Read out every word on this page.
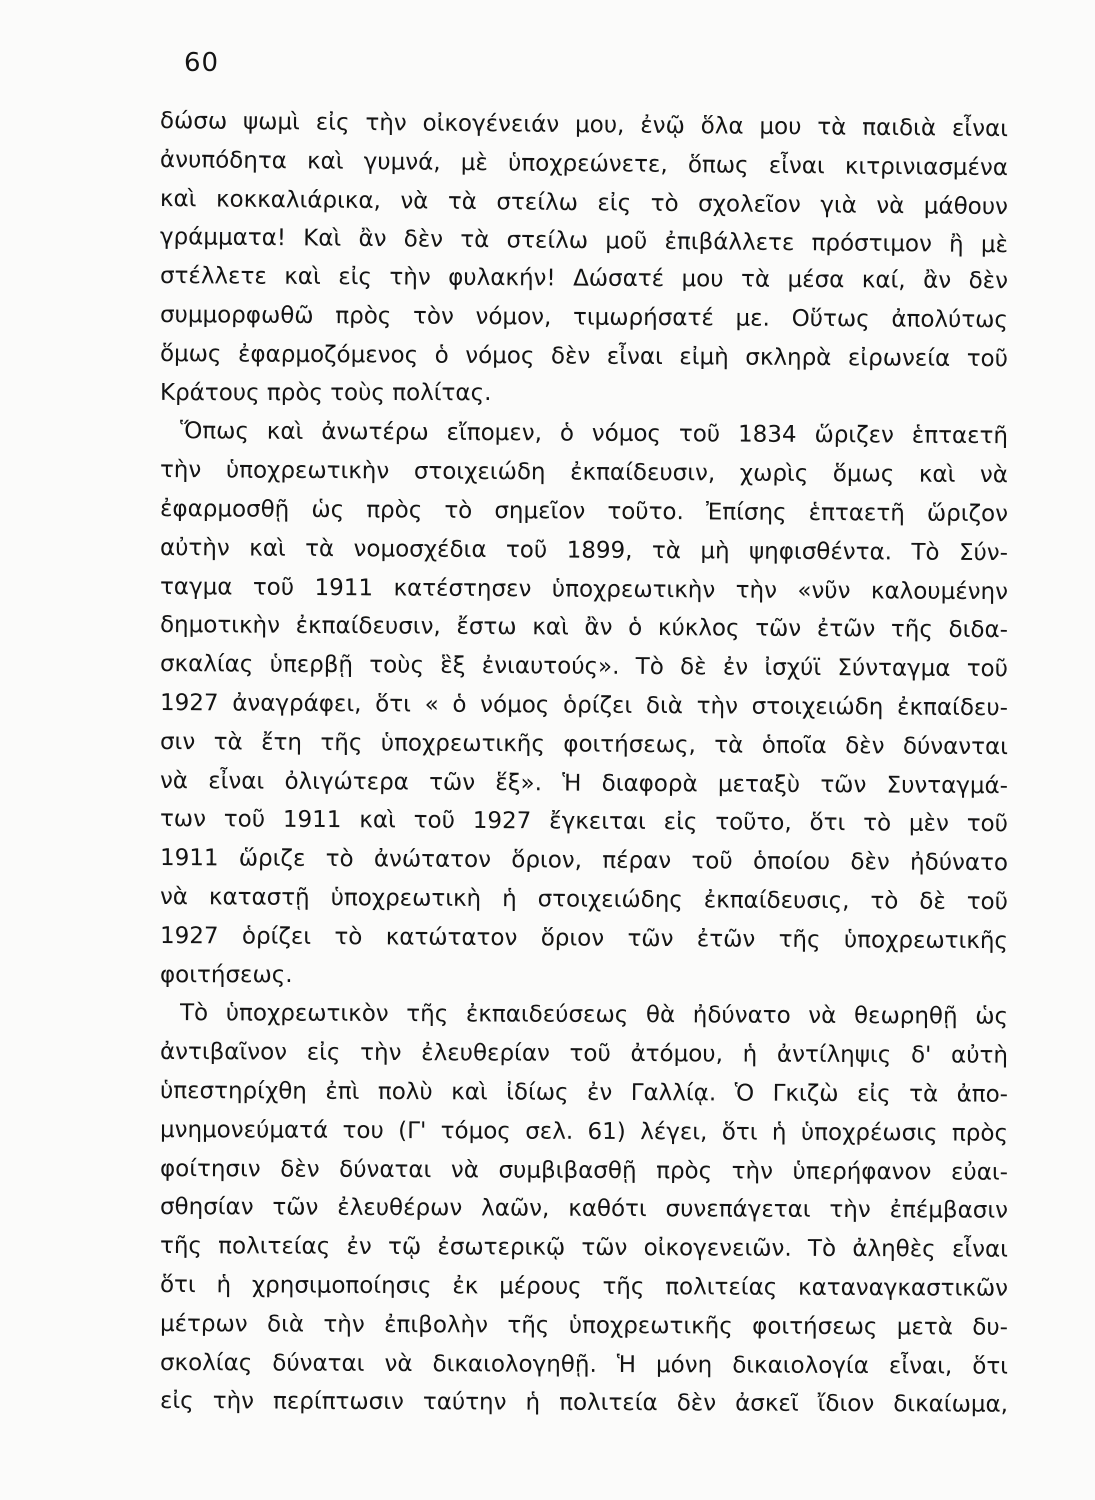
60
δώσω ψωμὶ εἰς τὴν οἰκογένειάν μου, ἐνῷ ὅλα μου τὰ παιδιὰ εἶναι
ἀνυπόδητα καὶ γυμνά, μὲ ὑποχρεώνετε, ὅπως εἶναι κιτρινιασμένα
καὶ κοκκαλιάρικα, νὰ τὰ στείλω εἰς τὸ σχολεῖον γιὰ νὰ μάθουν
γράμματα! Καὶ ἂν δὲν τὰ στείλω μοῦ ἐπιβάλλετε πρόστιμον ἢ μὲ
στέλλετε καὶ εἰς τὴν φυλακήν! Δώσατέ μου τὰ μέσα καί, ἂν δὲν
συμμορφωθῶ πρὸς τὸν νόμον, τιμωρήσατέ με. Οὕτως ἀπολύτως
ὅμως ἐφαρμοζόμενος ὁ νόμος δὲν εἶναι εἰμὴ σκληρὰ εἰρωνεία τοῦ
Κράτους πρὸς τοὺς πολίτας.
Ὅπως καὶ ἀνωτέρω εἴπομεν, ὁ νόμος τοῦ 1834 ὥριζεν ἑπταετῆ
τὴν ὑποχρεωτικὴν στοιχειώδη ἐκπαίδευσιν, χωρὶς ὅμως καὶ νὰ
ἐφαρμοσθῇ ὡς πρὸς τὸ σημεῖον τοῦτο. Ἐπίσης ἑπταετῆ ὥριζον
αὐτὴν καὶ τὰ νομοσχέδια τοῦ 1899, τὰ μὴ ψηφισθέντα. Τὸ Σύν-
ταγμα τοῦ 1911 κατέστησεν ὑποχρεωτικὴν τὴν «νῦν καλουμένην
δημοτικὴν ἐκπαίδευσιν, ἔστω καὶ ἂν ὁ κύκλος τῶν ἐτῶν τῆς διδα-
σκαλίας ὑπερβῇ τοὺς ἓξ ἐνιαυτούς». Τὸ δὲ ἐν ἰσχύϊ Σύνταγμα τοῦ
1927 ἀναγράφει, ὅτι « ὁ νόμος ὁρίζει διὰ τὴν στοιχειώδη ἐκπαίδευ-
σιν τὰ ἔτη τῆς ὑποχρεωτικῆς φοιτήσεως, τὰ ὁποῖα δὲν δύνανται
νὰ εἶναι ὀλιγώτερα τῶν ἕξ». Ἡ διαφορὰ μεταξὺ τῶν Συνταγμά-
των τοῦ 1911 καὶ τοῦ 1927 ἔγκειται εἰς τοῦτο, ὅτι τὸ μὲν τοῦ
1911 ὥριζε τὸ ἀνώτατον ὅριον, πέραν τοῦ ὁποίου δὲν ἠδύνατο
νὰ καταστῇ ὑποχρεωτικὴ ἡ στοιχειώδης ἐκπαίδευσις, τὸ δὲ τοῦ
1927 ὁρίζει τὸ κατώτατον ὅριον τῶν ἐτῶν τῆς ὑποχρεωτικῆς
φοιτήσεως.
Τὸ ὑποχρεωτικὸν τῆς ἐκπαιδεύσεως θὰ ἠδύνατο νὰ θεωρηθῇ ὡς
ἀντιβαῖνον εἰς τὴν ἐλευθερίαν τοῦ ἀτόμου, ἡ ἀντίληψις δ' αὐτὴ
ὑπεστηρίχθη ἐπὶ πολὺ καὶ ἰδίως ἐν Γαλλίᾳ. Ὁ Γκιζὼ εἰς τὰ ἀπο-
μνημονεύματά του (Γ' τόμος σελ. 61) λέγει, ὅτι ἡ ὑποχρέωσις πρὸς
φοίτησιν δὲν δύναται νὰ συμβιβασθῇ πρὸς τὴν ὑπερήφανον εὐαι-
σθησίαν τῶν ἐλευθέρων λαῶν, καθότι συνεπάγεται τὴν ἐπέμβασιν
τῆς πολιτείας ἐν τῷ ἐσωτερικῷ τῶν οἰκογενειῶν. Τὸ ἀληθὲς εἶναι
ὅτι ἡ χρησιμοποίησις ἐκ μέρους τῆς πολιτείας καταναγκαστικῶν
μέτρων διὰ τὴν ἐπιβολὴν τῆς ὑποχρεωτικῆς φοιτήσεως μετὰ δυ-
σκολίας δύναται νὰ δικαιολογηθῇ. Ἡ μόνη δικαιολογία εἶναι, ὅτι
εἰς τὴν περίπτωσιν ταύτην ἡ πολιτεία δὲν ἀσκεῖ ἴδιον δικαίωμα,
